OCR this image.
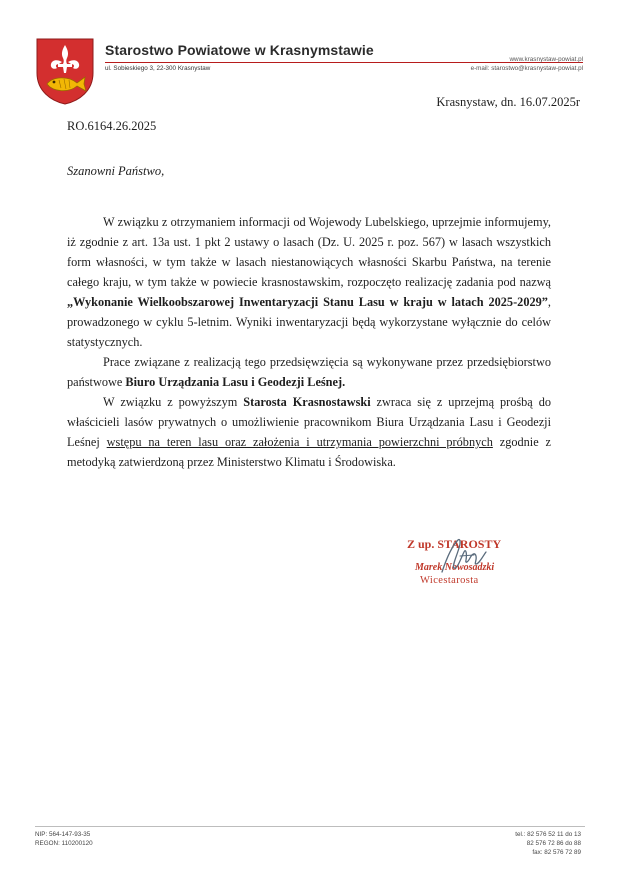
Starostwo Powiatowe w Krasnymstawie
ul. Sobieskiego 3, 22-300 Krasnystaw
www.krasnystaw-powiat.pl
e-mail: starostwo@krasnystaw-powiat.pl
Krasnystaw, dn. 16.07.2025r
RO.6164.26.2025
Szanowni Państwo,

W związku z otrzymaniem informacji od Wojewody Lubelskiego, uprzejmie informujemy, iż zgodnie z art. 13a ust. 1 pkt 2 ustawy o lasach (Dz. U. 2025 r. poz. 567) w lasach wszystkich form własności, w tym także w lasach niestanowiących własności Skarbu Państwa, na terenie całego kraju, w tym także w powiecie krasnostawskim, rozpoczęto realizację zadania pod nazwą „Wykonanie Wielkoobszarowej Inwentaryzacji Stanu Lasu w kraju w latach 2025-2029”, prowadzonego w cyklu 5-letnim. Wyniki inwentaryzacji będą wykorzystane wyłącznie do celów statystycznych.

Prace związane z realizacją tego przedsięwzięcia są wykonywane przez przedsiębiorstwo państwowe Biuro Urządzania Lasu i Geodezji Leśnej.

W związku z powyższym Starosta Krasnostawski zwraca się z uprzejmą prośbą do właścicieli lasów prywatnych o umożliwienie pracownikom Biura Urządzania Lasu i Geodezji Leśnej wstępu na teren lasu oraz założenia i utrzymania powierzchni próbnych zgodnie z metodyką zatwierdzoną przez Ministerstwo Klimatu i Środowiska.

Z up. STAROSTY
Marek Nowosadzki
Wicestarosta
NIP: 564-147-93-35
REGON: 110200120
tel.: 82 576 52 11 do 13
82 576 72 86 do 88
fax: 82 576 72 89
